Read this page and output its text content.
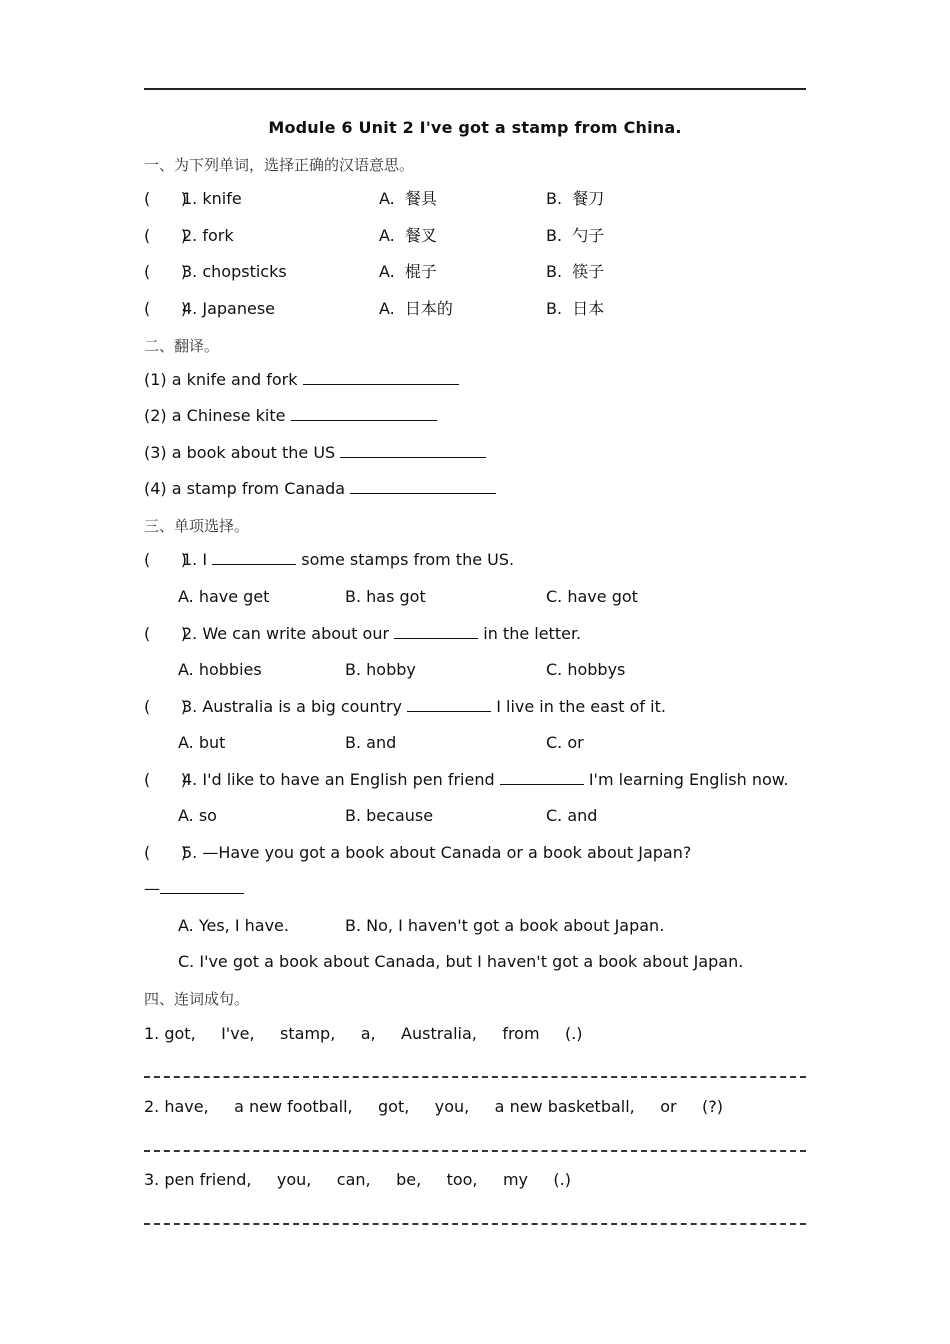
Module 6 Unit 2 I've got a stamp from China.
一、为下列单词，选择正确的汉语意思。
(      )1. knife	A.  餐具	B.  餐刀
(      )2. fork	A.  餐叉	B.  勺子
(      )3. chopsticks	A.  棍子	B.  筷子
(      )4. Japanese	A.  日本的	B.  日本
二、翻译。
(1) a knife and fork
(2) a Chinese kite
(3) a book about the US
(4) a stamp from Canada
三、单项选择。
(      )1. I	some stamps from the US.
A. have get	B. has got	C. have got
(      )2. We can write about our	in the letter.
A. hobbies	B. hobby	C. hobbys
(      )3. Australia is a big country	I live in the east of it.
A. but	B. and	C. or
(      )4. I'd like to have an English pen friend	I'm learning English now.
A. so	B. because	C. and
(      )5. —Have you got a book about Canada or a book about Japan?
—
A. Yes, I have.	B. No, I haven't got a book about Japan.
C. I've got a book about Canada, but I haven't got a book about Japan.
四、连词成句。
1. got,     I've,     stamp,     a,     Australia,     from     (.)
2. have,     a new football,     got,     you,     a new basketball,     or     (?)
3. pen friend,     you,     can,     be,     too,     my     (.)
